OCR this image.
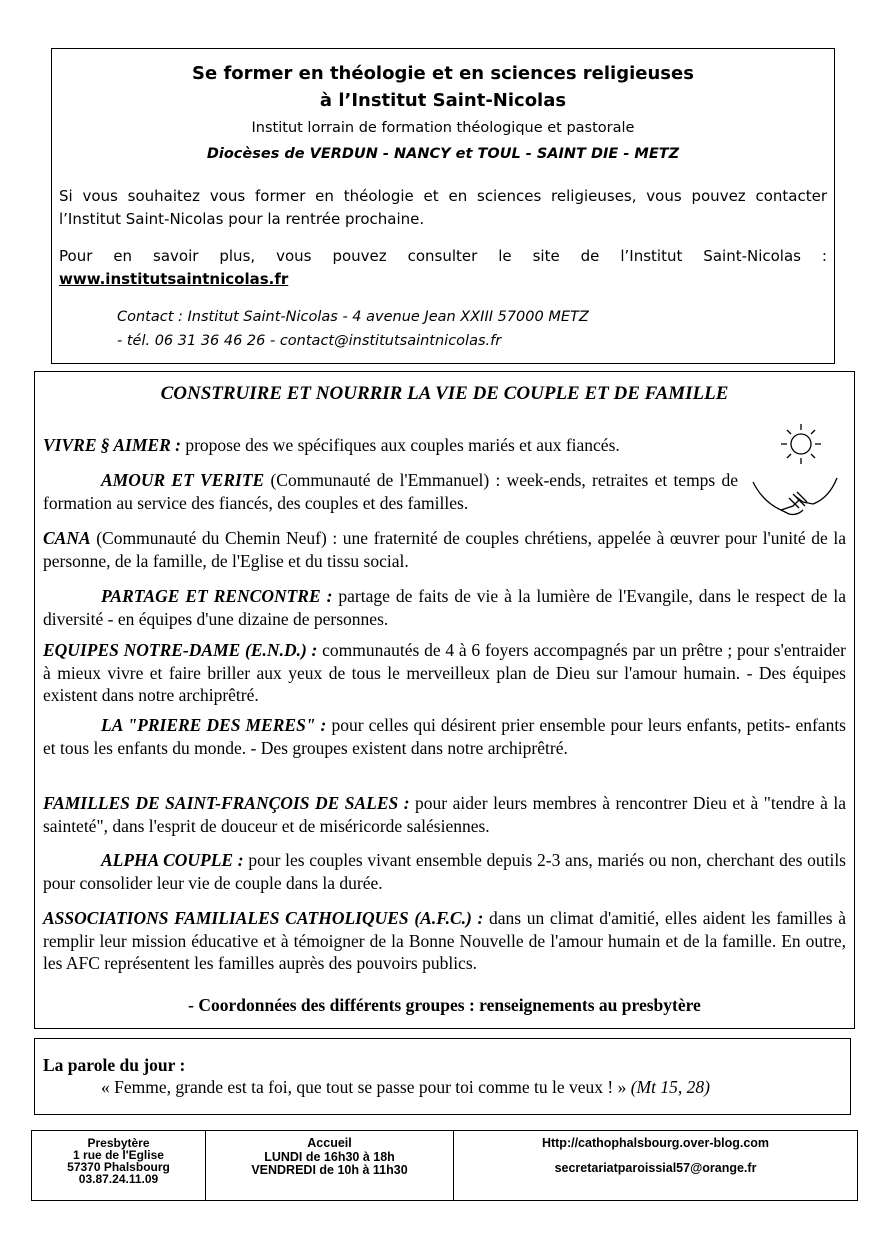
Se former en théologie et en sciences religieuses
à l’Institut Saint-Nicolas
Institut lorrain de formation théologique et pastorale
Diocèses de VERDUN - NANCY et TOUL - SAINT DIE - METZ
Si vous souhaitez vous former en théologie et en sciences religieuses, vous pouvez contacter l’Institut Saint-Nicolas pour la rentrée prochaine.
Pour en savoir plus, vous pouvez consulter le site de l’Institut Saint-Nicolas : www.institutsaintnicolas.fr
Contact : Institut Saint-Nicolas - 4 avenue Jean XXIII 57000 METZ
- tél. 06 31 36 46 26 - contact@institutsaintnicolas.fr
CONSTRUIRE ET NOURRIR LA VIE DE COUPLE ET DE FAMILLE
VIVRE § AIMER : propose des we spécifiques aux couples mariés et aux fiancés.
AMOUR ET VERITE (Communauté de l'Emmanuel) : week-ends, retraites et temps de formation au service des fiancés, des couples et des familles.
CANA (Communauté du Chemin Neuf) : une fraternité de couples chrétiens, appelée à œuvrer pour l'unité de la personne, de la famille, de l'Eglise et du tissu social.
PARTAGE ET RENCONTRE : partage de faits de vie à la lumière de l'Evangile, dans le respect de la diversité - en équipes d'une dizaine de personnes.
EQUIPES NOTRE-DAME (E.N.D.) : communautés de 4 à 6 foyers accompagnés par un prêtre ; pour s'entraider à mieux vivre et faire briller aux yeux de tous le merveilleux plan de Dieu sur l'amour humain. - Des équipes existent dans notre archiprêtré.
LA "PRIERE DES MERES" : pour celles qui désirent prier ensemble pour leurs enfants, petits- enfants et tous les enfants du monde. - Des groupes existent dans notre archiprêtré.
FAMILLES DE SAINT-FRANÇOIS DE SALES : pour aider leurs membres à rencontrer Dieu et à "tendre à la sainteté", dans l'esprit de douceur et de miséricorde salésiennes.
ALPHA COUPLE : pour les couples vivant ensemble depuis 2-3 ans, mariés ou non, cherchant des outils pour consolider leur vie de couple dans la durée.
ASSOCIATIONS FAMILIALES CATHOLIQUES (A.F.C.) : dans un climat d'amitié, elles aident les familles à remplir leur mission éducative et à témoigner de la Bonne Nouvelle de l'amour humain et de la famille. En outre, les AFC représentent les familles auprès des pouvoirs publics.
- Coordonnées des différents groupes : renseignements au presbytère
La parole du jour :
« Femme, grande est ta foi, que tout se passe pour toi comme tu le veux ! » (Mt 15, 28)
Presbytère
1 rue de l'Eglise
57370 Phalsbourg
03.87.24.11.09
Accueil
LUNDI de 16h30 à 18h
VENDREDI de 10h à 11h30
Http://cathophalsbourg.over-blog.com
secretariatparoissial57@orange.fr
